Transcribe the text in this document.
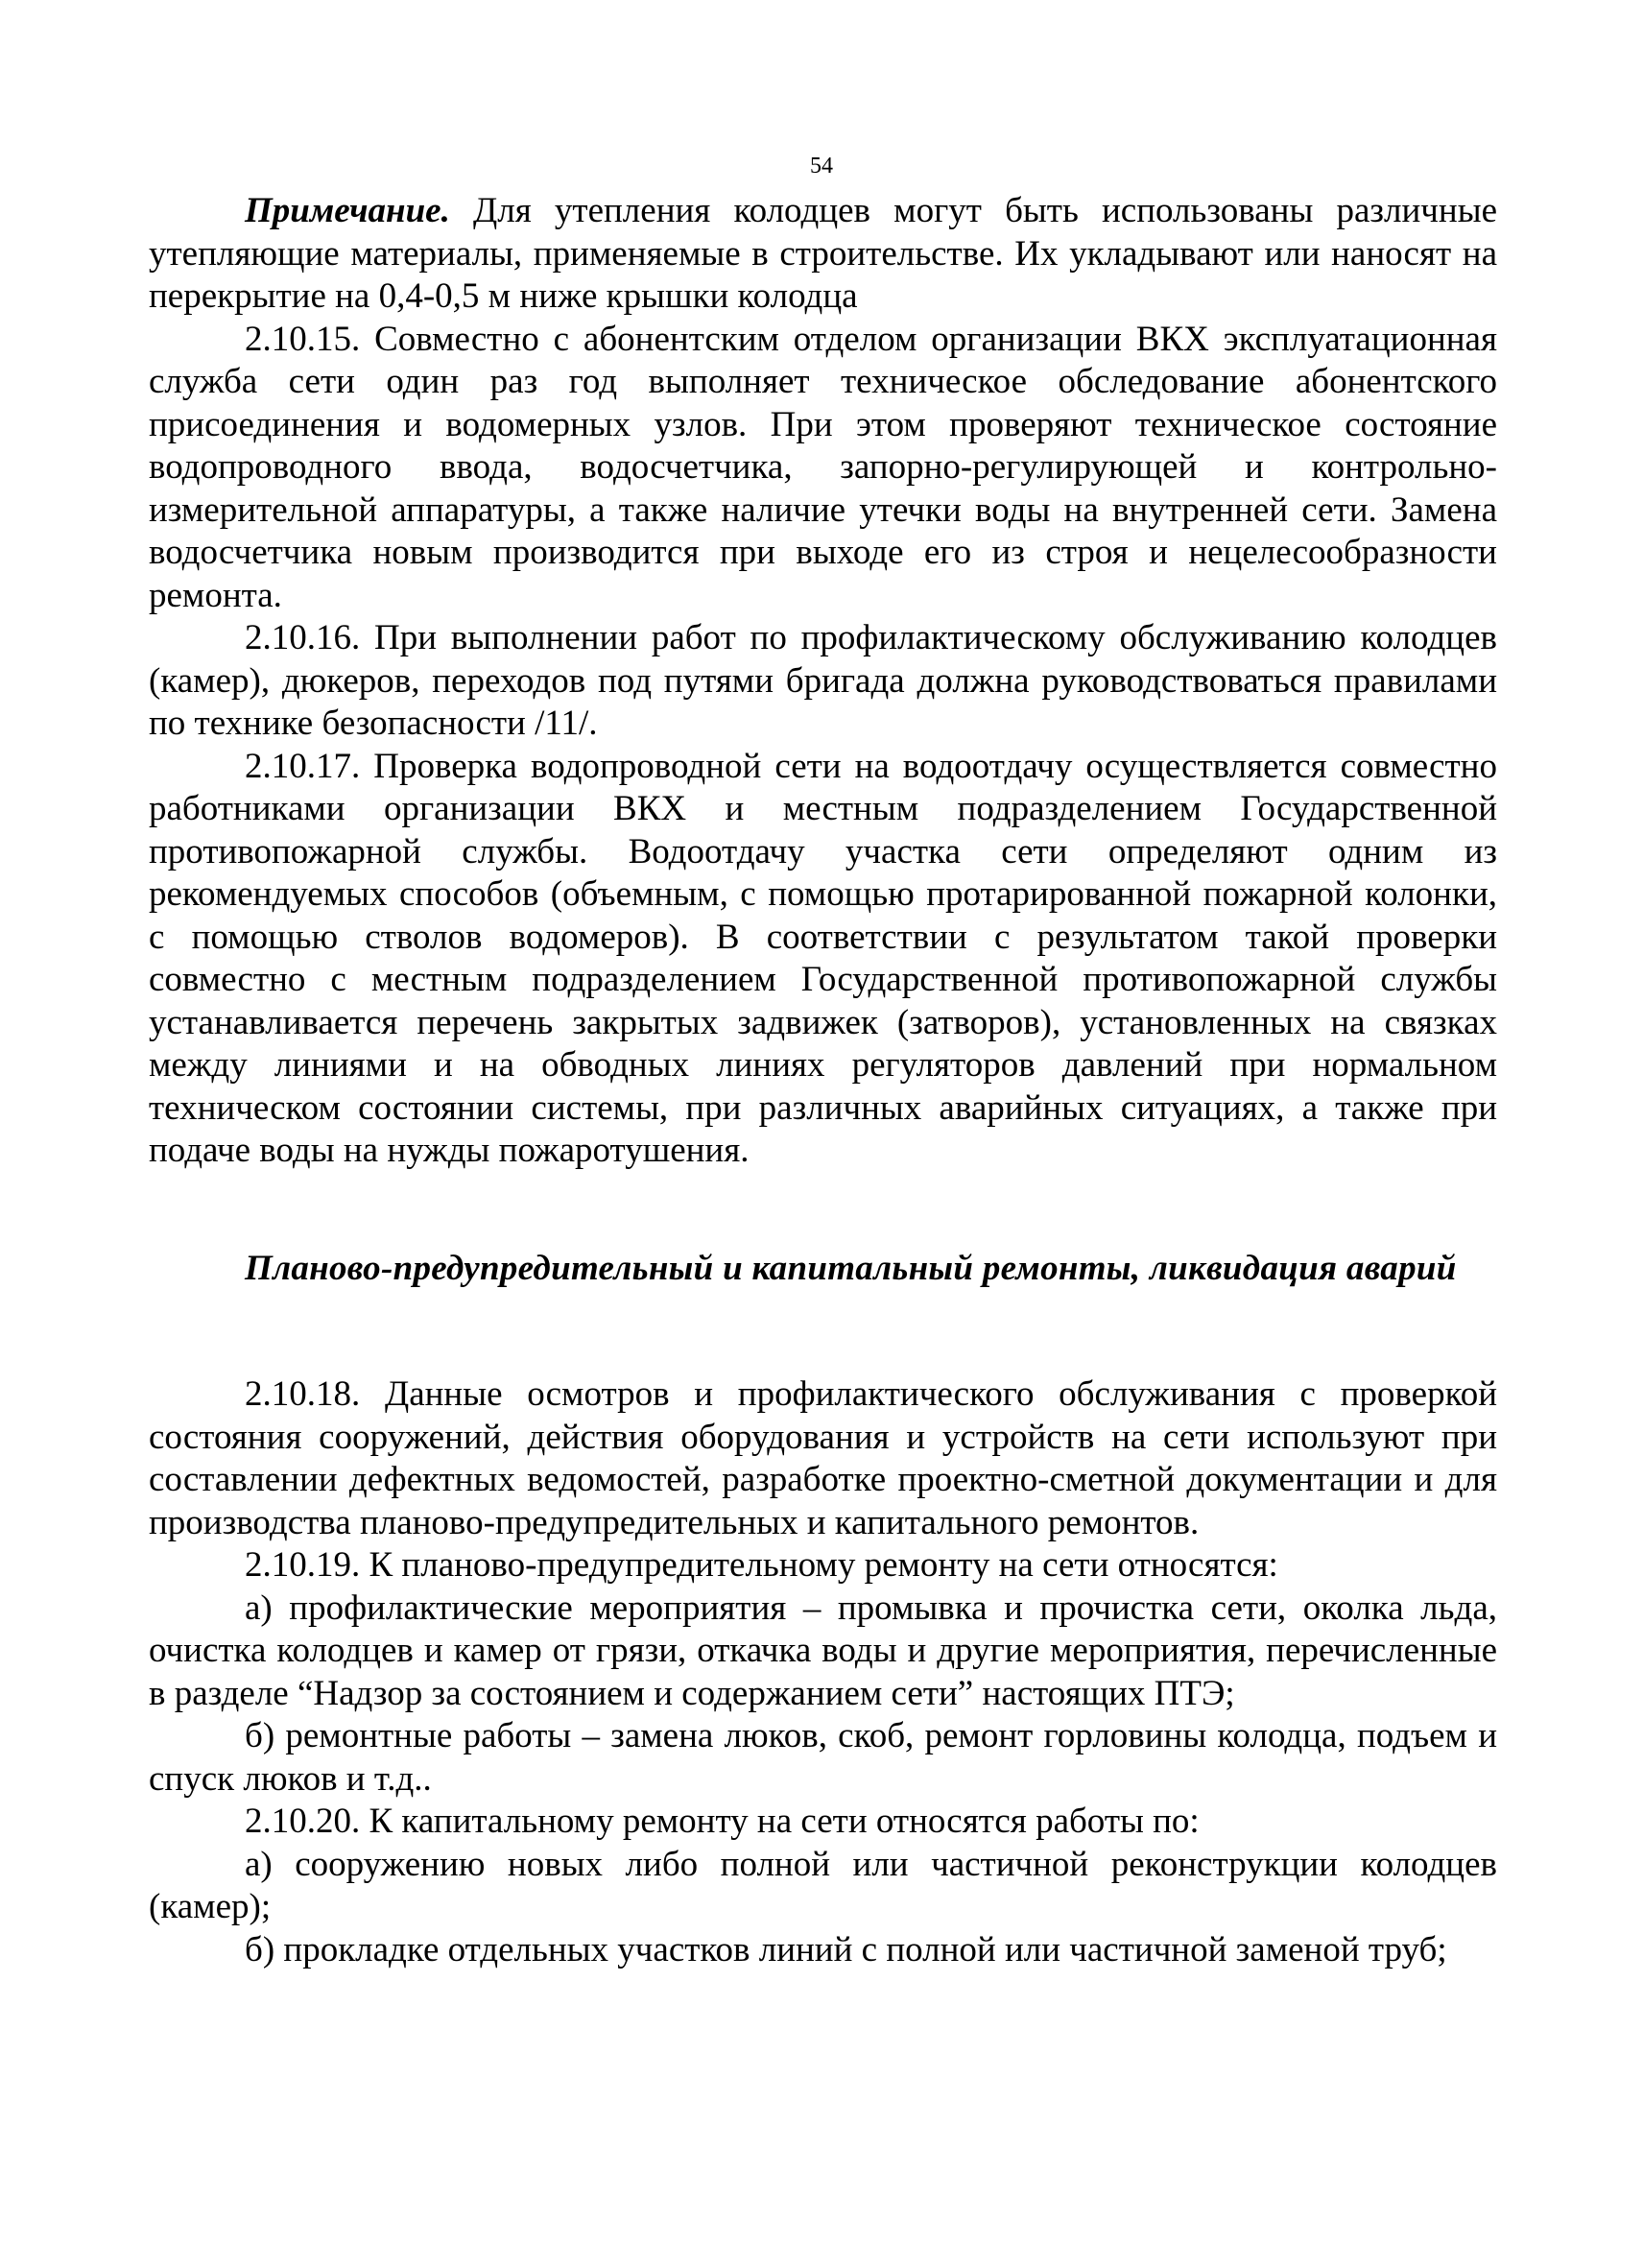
54

Примечание. Для утепления колодцев могут быть использованы различные утепляющие материалы, применяемые в строительстве. Их укладывают или наносят на перекрытие на 0,4-0,5 м ниже крышки колодца

2.10.15. Совместно с абонентским отделом организации ВКХ эксплуатационная служба сети один раз год выполняет техническое обследование абонентского присоединения и водомерных узлов. При этом проверяют техническое состояние водопроводного ввода, водосчетчика, запорно-регулирующей и контрольно-измерительной аппаратуры, а также наличие утечки воды на внутренней сети. Замена водосчетчика новым производится при выходе его из строя и нецелесообразности ремонта.

2.10.16. При выполнении работ по профилактическому обслуживанию колодцев (камер), дюкеров, переходов под путями бригада должна руководствоваться правилами по технике безопасности /11/.

2.10.17. Проверка водопроводной сети на водоотдачу осуществляется совместно работниками организации ВКХ и местным подразделением Государственной противопожарной службы. Водоотдачу участка сети определяют одним из рекомендуемых способов (объемным, с помощью протарированной пожарной колонки, с помощью стволов водомеров). В соответствии с результатом такой проверки совместно с местным подразделением Государственной противопожарной службы устанавливается перечень закрытых задвижек (затворов), установленных на связках между линиями и на обводных линиях регуляторов давлений при нормальном техническом состоянии системы, при различных аварийных ситуациях, а также при подаче воды на нужды пожаротушения.

Планово-предупредительный и капитальный ремонты, ликвидация аварий

2.10.18. Данные осмотров и профилактического обслуживания с проверкой состояния сооружений, действия оборудования и устройств на сети используют при составлении дефектных ведомостей, разработке проектно-сметной документации и для производства планово-предупредительных и капитального ремонтов.

2.10.19. К планово-предупредительному ремонту на сети относятся:

а) профилактические мероприятия – промывка и прочистка сети, околка льда, очистка колодцев и камер от грязи, откачка воды и другие мероприятия, перечисленные в разделе “Надзор за состоянием и содержанием сети” настоящих ПТЭ;

б) ремонтные работы – замена люков, скоб, ремонт горловины колодца, подъем и спуск люков и т.д..

2.10.20. К капитальному ремонту на сети относятся работы по:

а) сооружению новых либо полной или частичной реконструкции колодцев (камер);

б) прокладке отдельных участков линий с полной или частичной заменой труб;
